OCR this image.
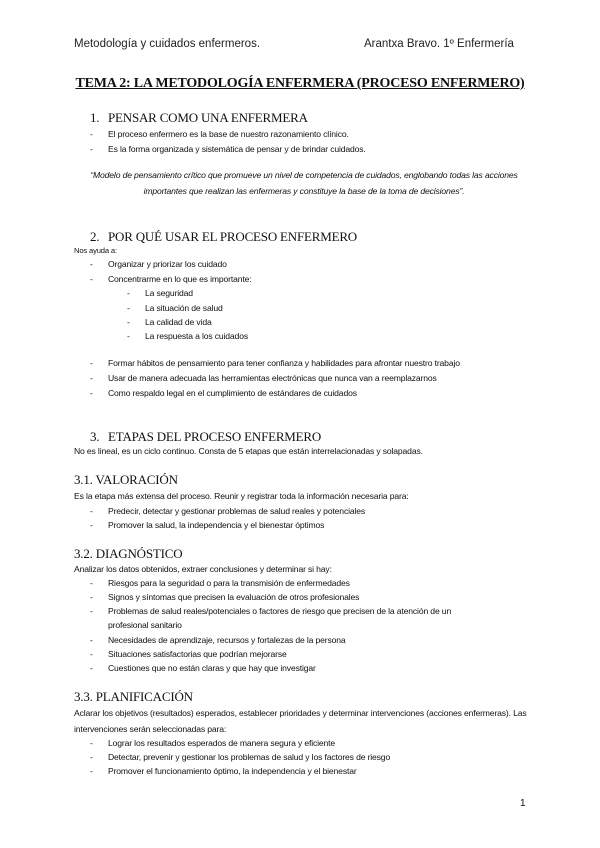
Metodología y cuidados enfermeros.	Arantxa Bravo. 1º Enfermería
TEMA 2: LA METODOLOGÍA ENFERMERA (PROCESO ENFERMERO)
1. PENSAR COMO UNA ENFERMERA
- El proceso enfermero es la base de nuestro razonamiento clínico.
- Es la forma organizada y sistemática de pensar y de brindar cuidados.
“Modelo de pensamiento crítico que promueve un nivel de competencia de cuidados, englobando todas las acciones importantes que realizan las enfermeras y constituye la base de la toma de decisiones”.
2. POR QUÉ USAR EL PROCESO ENFERMERO
Nos ayuda a:
- Organizar y priorizar los cuidado
- Concentrarme en lo que es importante:
- La seguridad
- La situación de salud
- La calidad de vida
- La respuesta a los cuidados
- Formar hábitos de pensamiento para tener confianza y habilidades para afrontar nuestro trabajo
- Usar de manera adecuada las herramientas electrónicas que nunca van a reemplazarnos
- Como respaldo legal en el cumplimiento de estándares de cuidados
3. ETAPAS DEL PROCESO ENFERMERO
No es lineal, es un ciclo continuo. Consta de 5 etapas que están interrelacionadas y solapadas.
3.1. VALORACIÓN
Es la etapa más extensa del proceso. Reunir y registrar toda la información necesaria para:
- Predecir, detectar y gestionar problemas de salud reales y potenciales
- Promover la salud, la independencia y el bienestar óptimos
3.2. DIAGNÓSTICO
Analizar los datos obtenidos, extraer conclusiones y determinar si hay:
- Riesgos para la seguridad o para la transmisión de enfermedades
- Signos y síntomas que precisen la evaluación de otros profesionales
- Problemas de salud reales/potenciales o factores de riesgo que precisen de la atención de un
profesional sanitario
- Necesidades de aprendizaje, recursos y fortalezas de la persona
- Situaciones satisfactorias que podrían mejorarse
- Cuestiones que no están claras y que hay que investigar
3.3. PLANIFICACIÓN
Aclarar los objetivos (resultados) esperados, establecer prioridades y determinar intervenciones (acciones enfermeras). Las intervenciones serán seleccionadas para:
- Lograr los resultados esperados de manera segura y eficiente
- Detectar, prevenir y gestionar los problemas de salud y los factores de riesgo
- Promover el funcionamiento óptimo, la independencia y el bienestar
1
